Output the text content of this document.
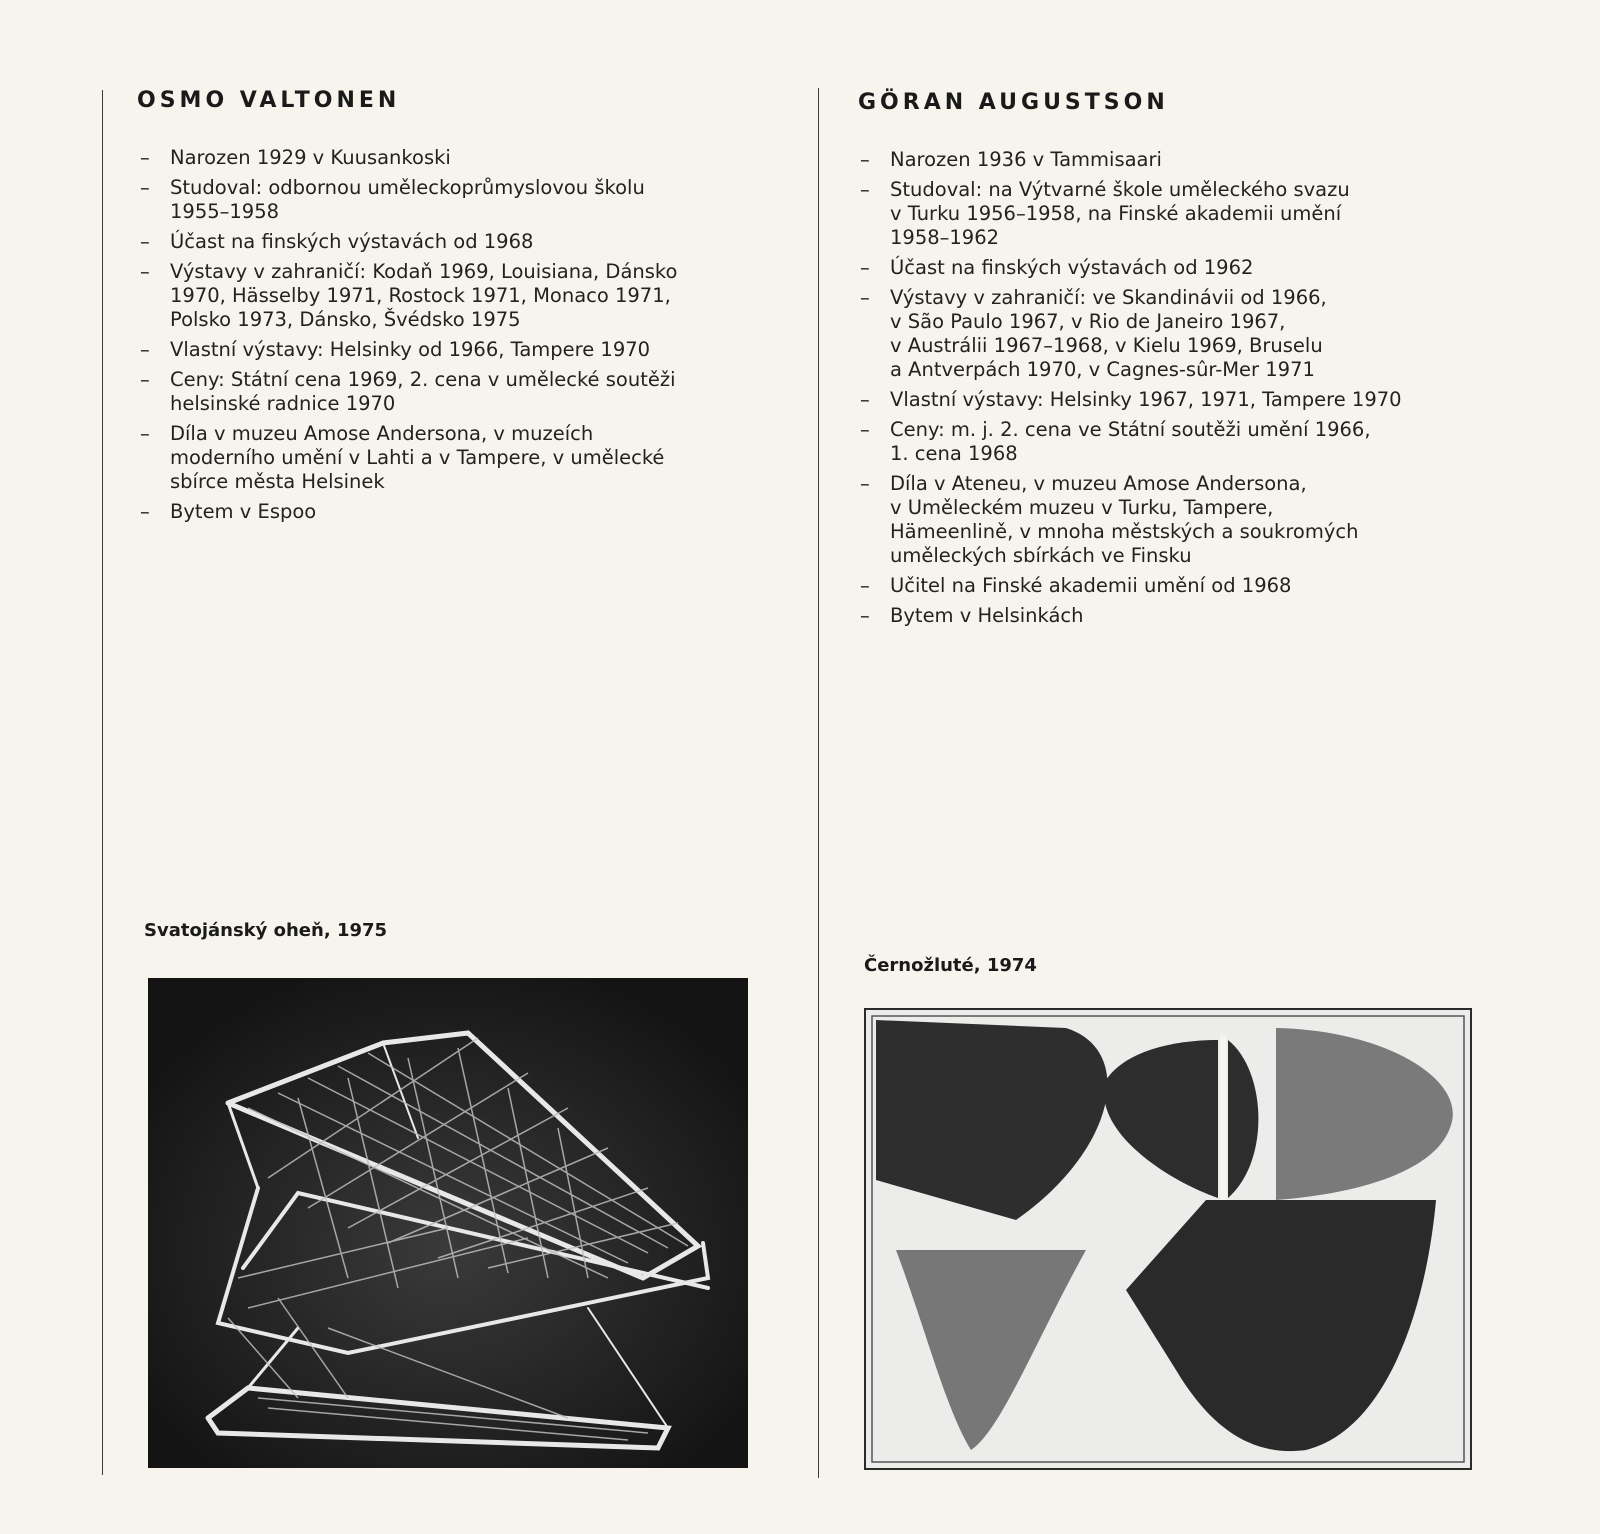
OSMO VALTONEN
– Narozen 1929 v Kuusankoski
– Studoval: odbornou uměleckoprůmyslovou školu
1955–1958
– Účast na finských výstavách od 1968
– Výstavy v zahraničí: Kodaň 1969, Louisiana, Dánsko
1970, Hässelby 1971, Rostock 1971, Monaco 1971,
Polsko 1973, Dánsko, Švédsko 1975
– Vlastní výstavy: Helsinky od 1966, Tampere 1970
– Ceny: Státní cena 1969, 2. cena v umělecké soutěži
helsinské radnice 1970
– Díla v muzeu Amose Andersona, v muzeích
moderního umění v Lahti a v Tampere, v umělecké
sbírce města Helsinek
– Bytem v Espoo

Svatojánský oheň, 1975

GÖRAN AUGUSTSON
– Narozen 1936 v Tammisaari
– Studoval: na Výtvarné škole uměleckého svazu
v Turku 1956–1958, na Finské akademii umění
1958–1962
– Účast na finských výstavách od 1962
– Výstavy v zahraničí: ve Skandinávii od 1966,
v São Paulo 1967, v Rio de Janeiro 1967,
v Austrálii 1967–1968, v Kielu 1969, Bruselu
a Antverpách 1970, v Cagnes-sûr-Mer 1971
– Vlastní výstavy: Helsinky 1967, 1971, Tampere 1970
– Ceny: m. j. 2. cena ve Státní soutěži umění 1966,
1. cena 1968
– Díla v Ateneu, v muzeu Amose Andersona,
v Uměleckém muzeu v Turku, Tampere,
Hämeenlině, v mnoha městských a soukromých
uměleckých sbírkách ve Finsku
– Učitel na Finské akademii umění od 1968
– Bytem v Helsinkách

Černožluté, 1974
